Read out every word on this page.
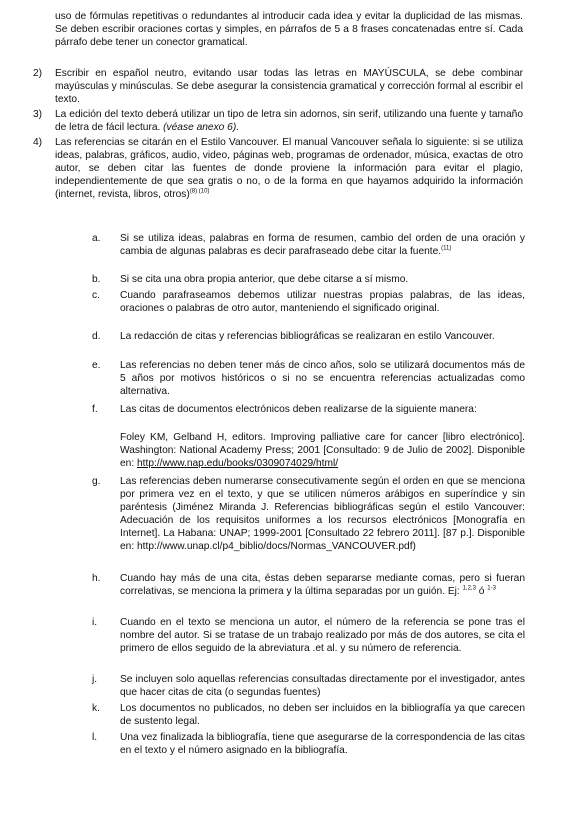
uso de fórmulas repetitivas o redundantes al introducir cada idea y evitar la duplicidad de las mismas. Se deben escribir oraciones cortas y simples, en párrafos de 5 a 8 frases concatenadas entre sí. Cada párrafo debe tener un conector gramatical.
2)	Escribir en español neutro, evitando usar todas las letras en MAYÚSCULA, se debe combinar mayúsculas y minúsculas. Se debe asegurar la consistencia gramatical y corrección formal al escribir el texto.
3)	La edición del texto deberá utilizar un tipo de letra sin adornos, sin serif, utilizando una fuente y tamaño de letra de fácil lectura. (véase anexo 6).
4)	Las referencias se citarán en el Estilo Vancouver. El manual Vancouver señala lo siguiente: si se utiliza ideas, palabras, gráficos, audio, video, páginas web, programas de ordenador, música, exactas de otro autor, se deben citar las fuentes de donde proviene la información para evitar el plagio, independientemente de que sea gratis o no, o de la forma en que hayamos adquirido la información (internet, revista, libros, otros)$^{(8) (10)}$
a.	Si se utiliza ideas, palabras en forma de resumen, cambio del orden de una oración y cambia de algunas palabras es decir parafraseado debe citar la fuente.$^{(11)}$
b.	Si se cita una obra propia anterior, que debe citarse a sí mismo.
c.	Cuando parafraseamos debemos utilizar nuestras propias palabras, de las ideas, oraciones o palabras de otro autor, manteniendo el significado original.
d.	La redacción de citas y referencias bibliográficas se realizaran en estilo Vancouver.
e.	Las referencias no deben tener más de cinco años, solo se utilizará documentos más de 5 años por motivos históricos o si no se encuentra referencias actualizadas como alternativa.
f.	Las citas de documentos electrónicos deben realizarse de la siguiente manera:
Foley KM, Gelband H, editors. Improving palliative care for cancer [libro electrónico]. Washington: National Academy Press; 2001 [Consultado: 9 de Julio de 2002]. Disponible en: http://www.nap.edu/books/0309074029/html/
g.	Las referencias deben numerarse consecutivamente según el orden en que se menciona por primera vez en el texto, y que se utilicen números arábigos en superíndice y sin paréntesis (Jiménez Miranda J. Referencias bibliográficas según el estilo Vancouver: Adecuación de los requisitos uniformes a los recursos electrónicos [Monografía en Internet]. La Habana: UNAP; 1999-2001 [Consultado 22 febrero 2011]. [87 p.]. Disponible en: http://www.unap.cl/p4_biblio/docs/Normas_VANCOUVER.pdf)
h.	Cuando hay más de una cita, éstas deben separarse mediante comas, pero si fueran correlativas, se menciona la primera y la última separadas por un guión. Ej: $^{1,2,3}$ ó $^{1-3}$
i.	Cuando en el texto se menciona un autor, el número de la referencia se pone tras el nombre del autor. Si se tratase de un trabajo realizado por más de dos autores, se cita el primero de ellos seguido de la abreviatura .et al. y su número de referencia.
j.	Se incluyen solo aquellas referencias consultadas directamente por el investigador, antes que hacer citas de cita (o segundas fuentes)
k.	Los documentos no publicados, no deben ser incluidos en la bibliografía ya que carecen de sustento legal.
l.	Una vez finalizada la bibliografía, tiene que asegurarse de la correspondencia de las citas en el texto y el número asignado en la bibliografía.
